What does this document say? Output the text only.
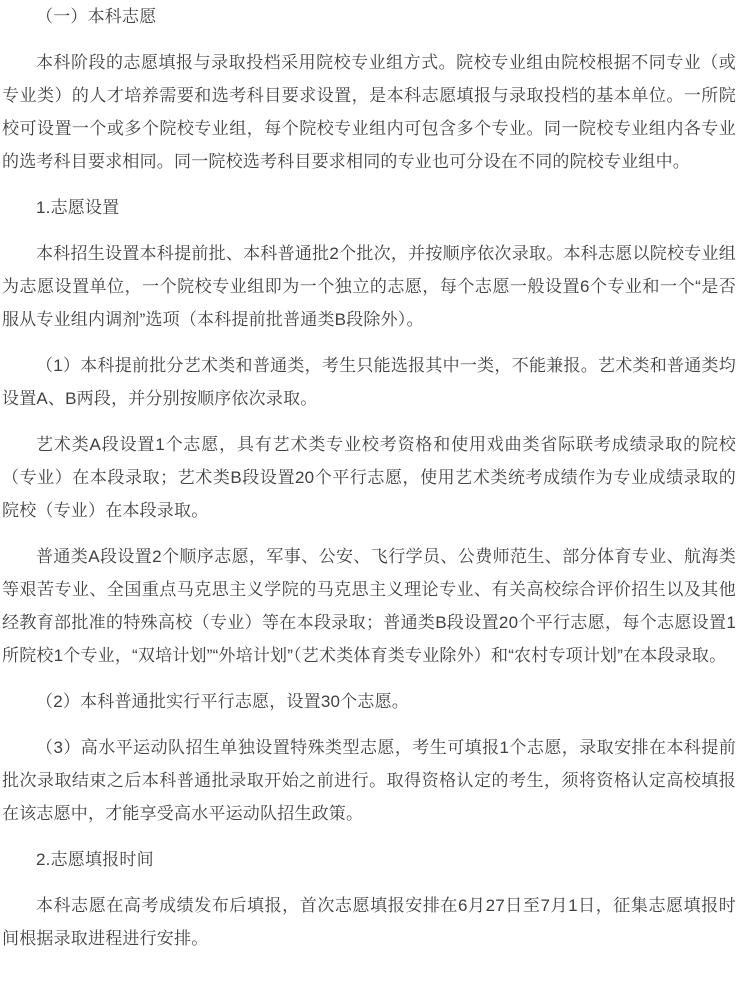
（一）本科志愿

本科阶段的志愿填报与录取投档采用院校专业组方式。院校专业组由院校根据不同专业（或专业类）的人才培养需要和选考科目要求设置，是本科志愿填报与录取投档的基本单位。一所院校可设置一个或多个院校专业组，每个院校专业组内可包含多个专业。同一院校专业组内各专业的选考科目要求相同。同一院校选考科目要求相同的专业也可分设在不同的院校专业组中。

1.志愿设置

本科招生设置本科提前批、本科普通批2个批次，并按顺序依次录取。本科志愿以院校专业组为志愿设置单位，一个院校专业组即为一个独立的志愿，每个志愿一般设置6个专业和一个“是否服从专业组内调剂”选项（本科提前批普通类B段除外）。

（1）本科提前批分艺术类和普通类，考生只能选报其中一类，不能兼报。艺术类和普通类均设置A、B两段，并分别按顺序依次录取。

艺术类A段设置1个志愿，具有艺术类专业校考资格和使用戏曲类省际联考成绩录取的院校（专业）在本段录取；艺术类B段设置20个平行志愿，使用艺术类统考成绩作为专业成绩录取的院校（专业）在本段录取。

普通类A段设置2个顺序志愿，军事、公安、飞行学员、公费师范生、部分体育专业、航海类等艰苦专业、全国重点马克思主义学院的马克思主义理论专业、有关高校综合评价招生以及其他经教育部批准的特殊高校（专业）等在本段录取；普通类B段设置20个平行志愿，每个志愿设置1所院校1个专业，“双培计划”“外培计划”（艺术类体育类专业除外）和“农村专项计划”在本段录取。

（2）本科普通批实行平行志愿，设置30个志愿。

（3）高水平运动队招生单独设置特殊类型志愿，考生可填报1个志愿，录取安排在本科提前批次录取结束之后本科普通批录取开始之前进行。取得资格认定的考生，须将资格认定高校填报在该志愿中，才能享受高水平运动队招生政策。

2.志愿填报时间

本科志愿在高考成绩发布后填报，首次志愿填报安排在6月27日至7月1日，征集志愿填报时间根据录取进程进行安排。
